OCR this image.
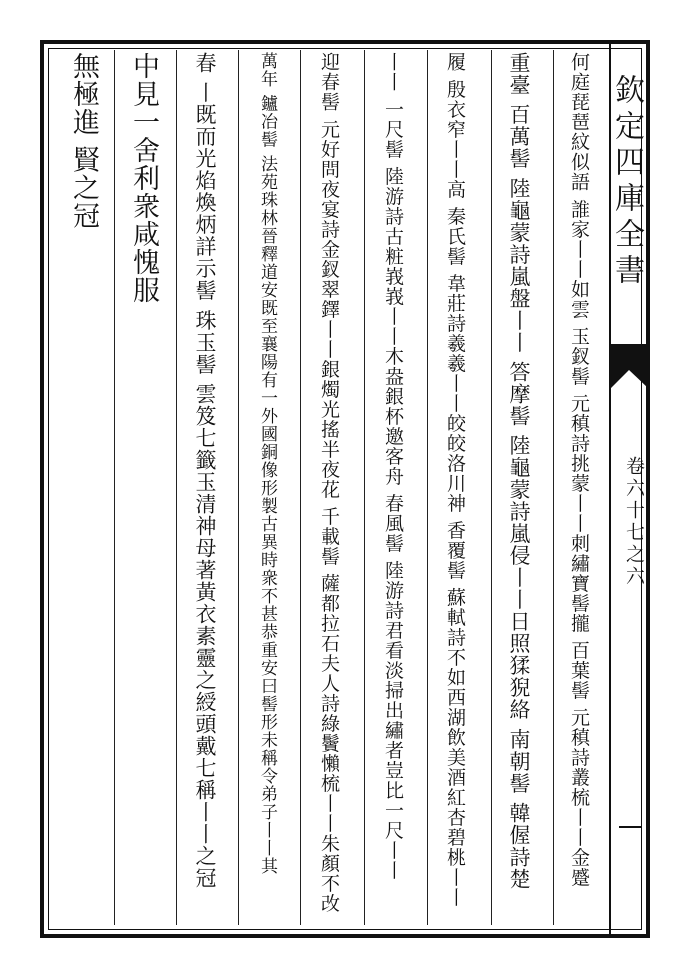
欽定四庫全書
卷六十七之六
何庭琵琶紋似語 誰家丨丨如雲 玉釵髻 元稹詩挑蒙丨丨刺繡寶髻攏 百葉髻 元稹詩叢梳丨丨金蹙
重臺 百萬髻 陸龜蒙詩嵐盤丨丨 答摩髻 陸龜蒙詩嵐侵丨丨日照猱猊絡 南朝髻 韓偓詩楚
履 殷衣窄丨丨高 秦氏髻 韋莊詩羲羲丨丨皎皎洛川神 香覆髻 蘇軾詩不如西湖飲美酒紅杏碧桃丨丨
丨丨 一尺髻 陸游詩古粧峩峩丨丨木盎銀杯邀客舟 春風髻 陸游詩君看淡掃出繡者豈比一尺丨丨
迎春髻 元好問夜宴詩金釵翠鐸丨丨銀燭光搖半夜花 千載髻 薩都拉石夫人詩綠鬢懶梳丨丨朱顏不改
萬年 鑪冶髻 法苑珠林晉釋道安既至襄陽有一外國銅像形製古異時衆不甚恭重安曰髻形未稱令弟子丨丨其
春 丨既而光焰煥炳詳示髻 珠玉髻 雲笈七籤玉清神母著黃衣素靈之綬頭戴七稱丨丨之冠
中見一舍利衆咸愧服
無極進 賢之冠
